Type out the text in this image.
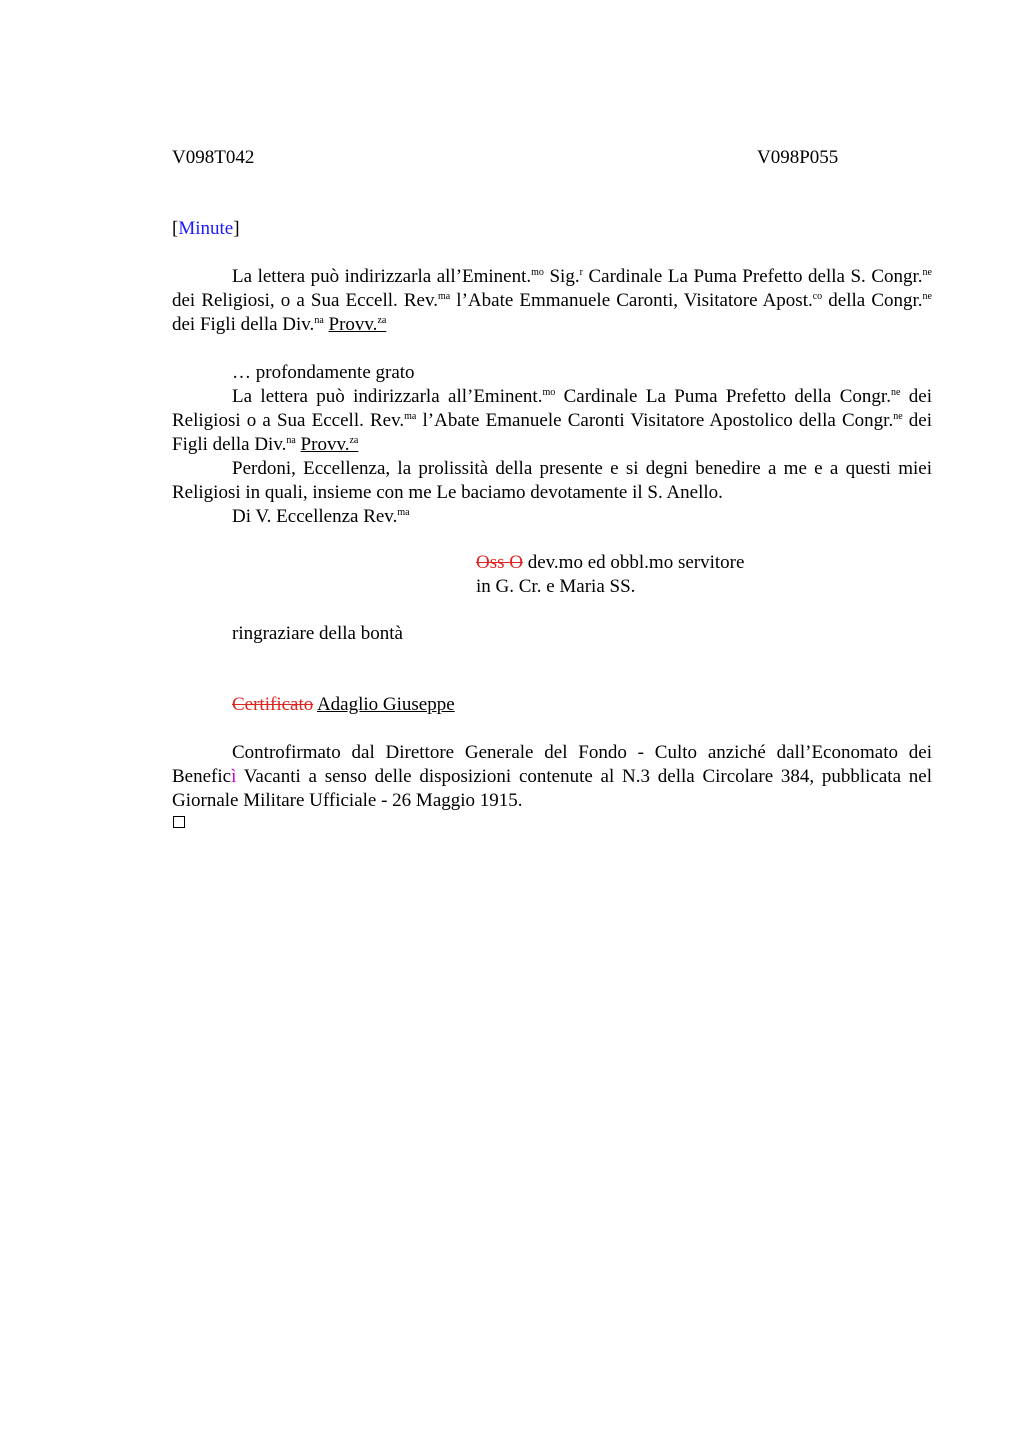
V098T042	V098P055
[Minute]
La lettera può indirizzarla all’Eminent.$^{mo}$ Sig.$^r$ Cardinale La Puma Prefetto della S. Congr.$^{ne}$ dei Religiosi, o a Sua Eccell. Rev.$^{ma}$ l’Abate Emmanuele Caronti, Visitatore Apost.$^{co}$ della Congr.$^{ne}$ dei Figli della Div.$^{na}$ Provv.$^{za}$
… profondamente grato
La lettera può indirizzarla all’Eminent.$^{mo}$ Cardinale La Puma Prefetto della Congr.$^{ne}$ dei Religiosi o a Sua Eccell. Rev.$^{ma}$ l’Abate Emanuele Caronti Visitatore Apostolico della Congr.$^{ne}$ dei Figli della Div.$^{na}$ Provv.$^{za}$
Perdoni, Eccellenza, la prolissità della presente e si degni benedire a me e a questi miei Religiosi in quali, insieme con me Le baciamo devotamente il S. Anello.
Di V. Eccellenza Rev.$^{ma}$
Oss O dev.mo ed obbl.mo servitore
in G. Cr. e Maria SS.
ringraziare della bontà
Certificato Adaglio Giuseppe
Controfirmato dal Direttore Generale del Fondo - Culto anziché dall’Economato dei Beneficì Vacanti a senso delle disposizioni contenute al N.3 della Circolare 384, pubblicata nel Giornale Militare Ufficiale - 26 Maggio 1915.
